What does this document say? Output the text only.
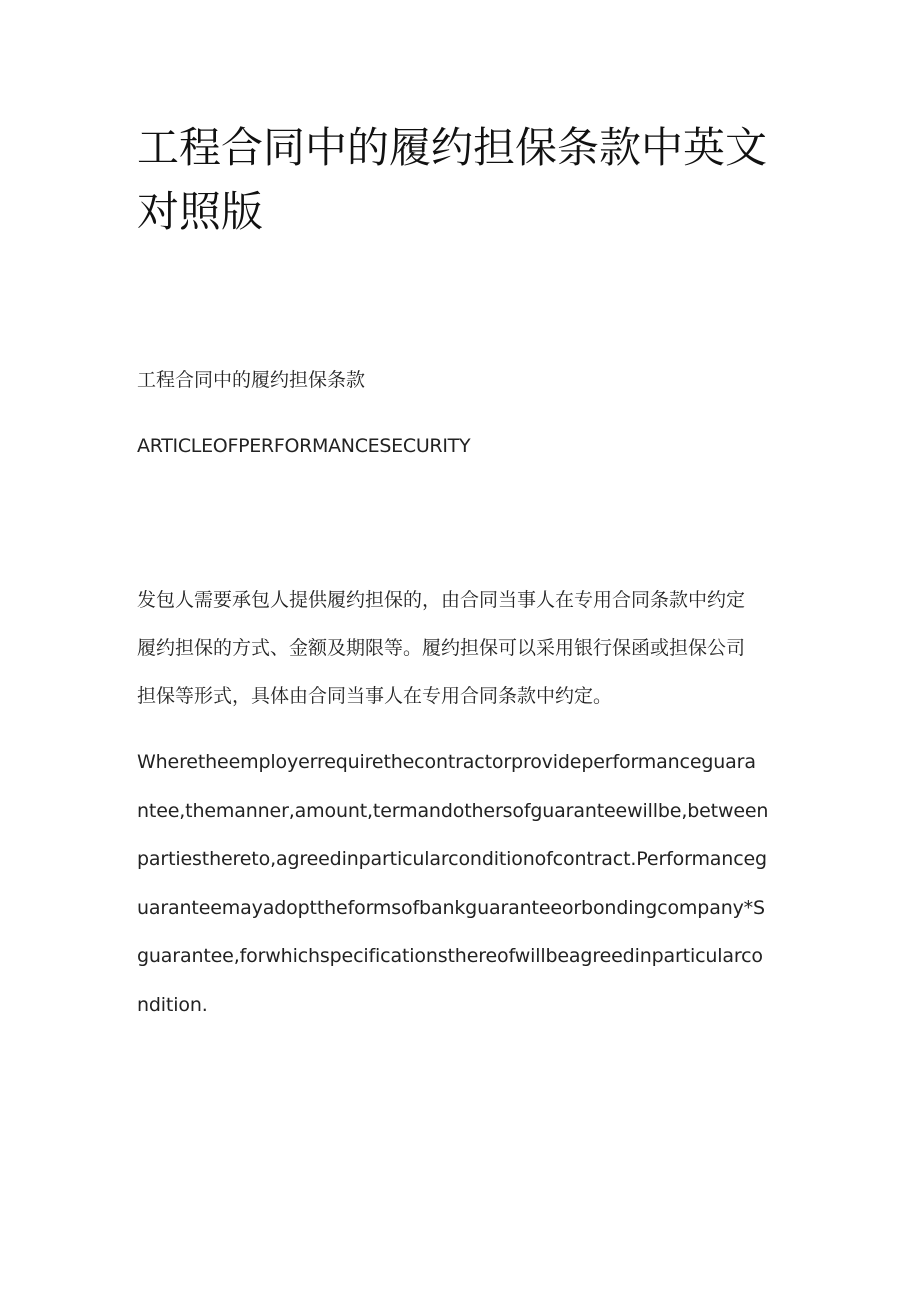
工程合同中的履约担保条款中英文
对照版

工程合同中的履约担保条款

ARTICLEOFPERFORMANCESECURITY

发包人需要承包人提供履约担保的，由合同当事人在专用合同条款中约定
履约担保的方式、金额及期限等。履约担保可以采用银行保函或担保公司
担保等形式，具体由合同当事人在专用合同条款中约定。

Wheretheemployerrequirethecontractorprovideperformanceguara
ntee,themanner,amount,termandothersofguaranteewillbe,between
partiesthereto,agreedinparticularconditionofcontract.Performanceg
uaranteemayadopttheformsofbankguaranteeorbondingcompany*S
guarantee,forwhichspecificationsthereofwillbeagreedinparticularco
ndition.
